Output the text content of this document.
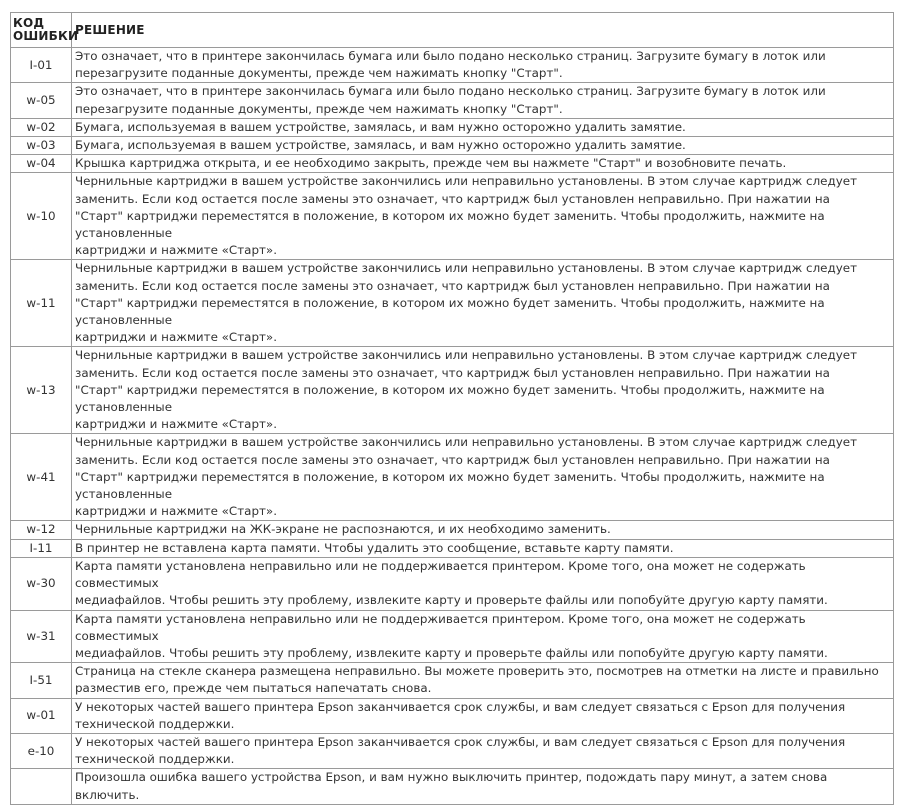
КОД ОШИБКИ	РЕШЕНИЕ
I-01	Это означает, что в принтере закончилась бумага или было подано несколько страниц. Загрузите бумагу в лоток или
перезагрузите поданные документы, прежде чем нажимать кнопку "Старт".
w-05	Это означает, что в принтере закончилась бумага или было подано несколько страниц. Загрузите бумагу в лоток или
перезагрузите поданные документы, прежде чем нажимать кнопку "Старт".
w-02	Бумага, используемая в вашем устройстве, замялась, и вам нужно осторожно удалить замятие.
w-03	Бумага, используемая в вашем устройстве, замялась, и вам нужно осторожно удалить замятие.
w-04	Крышка картриджа открыта, и ее необходимо закрыть, прежде чем вы нажмете "Старт" и возобновите печать.
w-10	Чернильные картриджи в вашем устройстве закончились или неправильно установлены. В этом случае картридж следует
заменить. Если код остается после замены это означает, что картридж был установлен неправильно. При нажатии на
"Старт" картриджи переместятся в положение, в котором их можно будет заменить. Чтобы продолжить, нажмите на установленные
картриджи и нажмите «Старт».
w-11	Чернильные картриджи в вашем устройстве закончились или неправильно установлены. В этом случае картридж следует
заменить. Если код остается после замены это означает, что картридж был установлен неправильно. При нажатии на
"Старт" картриджи переместятся в положение, в котором их можно будет заменить. Чтобы продолжить, нажмите на установленные
картриджи и нажмите «Старт».
w-13	Чернильные картриджи в вашем устройстве закончились или неправильно установлены. В этом случае картридж следует
заменить. Если код остается после замены это означает, что картридж был установлен неправильно. При нажатии на
"Старт" картриджи переместятся в положение, в котором их можно будет заменить. Чтобы продолжить, нажмите на установленные
картриджи и нажмите «Старт».
w-41	Чернильные картриджи в вашем устройстве закончились или неправильно установлены. В этом случае картридж следует
заменить. Если код остается после замены это означает, что картридж был установлен неправильно. При нажатии на
"Старт" картриджи переместятся в положение, в котором их можно будет заменить. Чтобы продолжить, нажмите на установленные
картриджи и нажмите «Старт».
w-12	Чернильные картриджи на ЖК-экране не распознаются, и их необходимо заменить.
I-11	В принтер не вставлена карта памяти. Чтобы удалить это сообщение, вставьте карту памяти.
w-30	Карта памяти установлена неправильно или не поддерживается принтером. Кроме того, она может не содержать совместимых
медиафайлов. Чтобы решить эту проблему, извлеките карту и проверьте файлы или попобуйте другую карту памяти.
w-31	Карта памяти установлена неправильно или не поддерживается принтером. Кроме того, она может не содержать совместимых
медиафайлов. Чтобы решить эту проблему, извлеките карту и проверьте файлы или попобуйте другую карту памяти.
I-51	Страница на стекле сканера размещена неправильно. Вы можете проверить это, посмотрев на отметки на листе и правильно
разместив его, прежде чем пытаться напечатать снова.
w-01	У некоторых частей вашего принтера Epson заканчивается срок службы, и вам следует связаться с Epson для получения
технической поддержки.
e-10	У некоторых частей вашего принтера Epson заканчивается срок службы, и вам следует связаться с Epson для получения
технической поддержки.
	Произошла ошибка вашего устройства Epson, и вам нужно выключить принтер, подождать пару минут, а затем снова включить.
